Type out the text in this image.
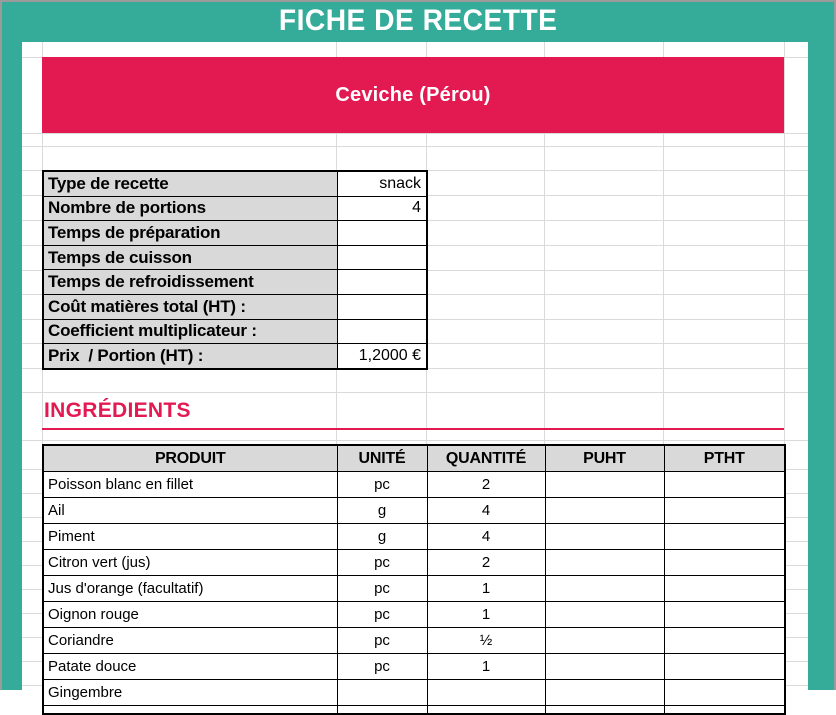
FICHE DE RECETTE
Ceviche (Pérou)
Type de recette	snack
Nombre de portions	4
Temps de préparation	
Temps de cuisson	
Temps de refroidissement	
Coût matières total (HT) :	
Coefficient multiplicateur :	
Prix  / Portion (HT) :	1,2000 €
INGRÉDIENTS
PRODUIT	UNITÉ	QUANTITÉ	PUHT	PTHT
Poisson blanc en fillet	pc	2		
Ail	g	4		
Piment	g	4		
Citron vert (jus)	pc	2		
Jus d'orange (facultatif)	pc	1		
Oignon rouge	pc	1		
Coriandre	pc	½		
Patate douce	pc	1		
Gingembre				
